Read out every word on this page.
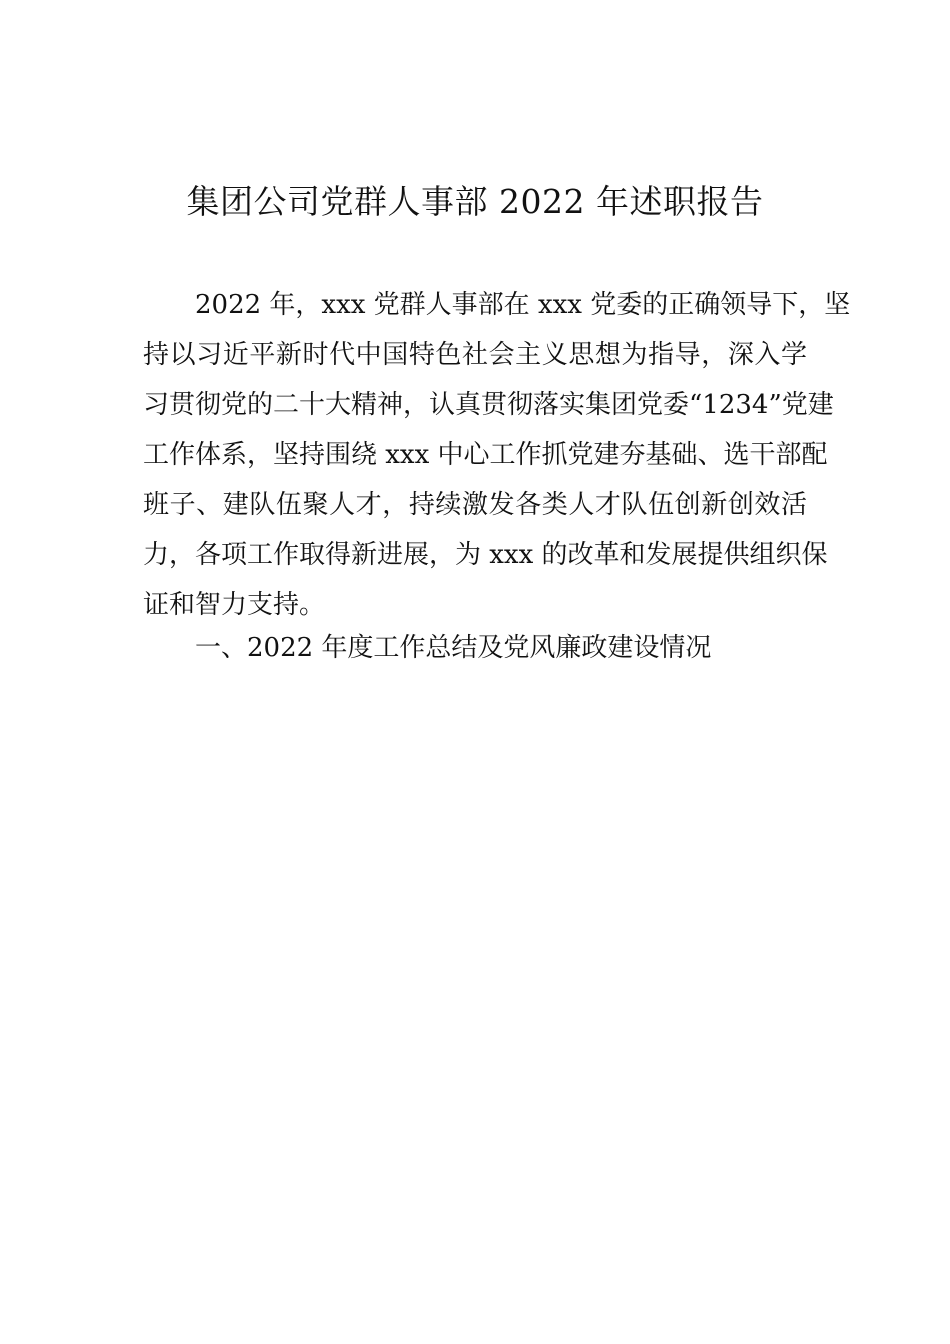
集团公司党群人事部 2022 年述职报告
2022 年，xxx 党群人事部在 xxx 党委的正确领导下，坚
持以习近平新时代中国特色社会主义思想为指导，深入学
习贯彻党的二十大精神，认真贯彻落实集团党委“1234”党建
工作体系，坚持围绕 xxx 中心工作抓党建夯基础、选干部配
班子、建队伍聚人才，持续激发各类人才队伍创新创效活
力，各项工作取得新进展，为 xxx 的改革和发展提供组织保
证和智力支持。
一、2022 年度工作总结及党风廉政建设情况
